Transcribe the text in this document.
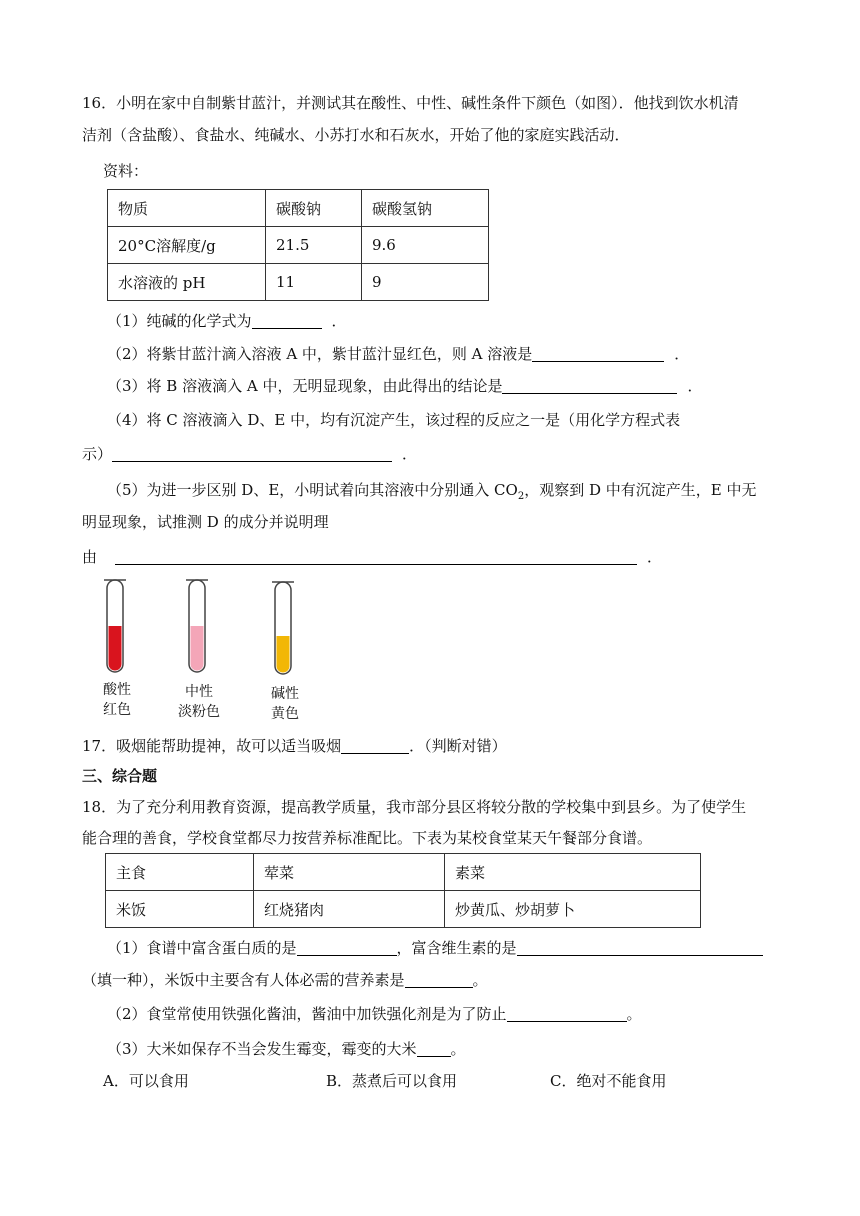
16．小明在家中自制紫甘蓝汁，并测试其在酸性、中性、碱性条件下颜色（如图）．他找到饮水机清
洁剂（含盐酸）、食盐水、纯碱水、小苏打水和石灰水，开始了他的家庭实践活动．
资料：
物质	碳酸钠	碳酸氢钠
20°C溶解度/g	21.5	9.6
水溶液的 pH	11	9
（1）纯碱的化学式为	．
（2）将紫甘蓝汁滴入溶液 A 中，紫甘蓝汁显红色，则 A 溶液是	．
（3）将 B 溶液滴入 A 中，无明显现象，由此得出的结论是	．
（4）将 C 溶液滴入 D、E 中，均有沉淀产生，该过程的反应之一是（用化学方程式表
示）	．
（5）为进一步区别 D、E，小明试着向其溶液中分别通入 $CO_2$，观察到 D 中有沉淀产生，E 中无
明显现象，试推测 D 的成分并说明理
由	．
酸性
红色
中性
淡粉色
碱性
黄色
17．吸烟能帮助提神，故可以适当吸烟	．（判断对错）
三、综合题
18．为了充分利用教育资源，提高教学质量，我市部分县区将较分散的学校集中到县乡。为了使学生
能合理的善食，学校食堂都尽力按营养标准配比。下表为某校食堂某天午餐部分食谱。
主食	荤菜	素菜
米饭	红烧猪肉	炒黄瓜、炒胡萝卜
（1）食谱中富含蛋白质的是	，富含维生素的是
（填一种），米饭中主要含有人体必需的营养素是	。
（2）食堂常使用铁强化酱油，酱油中加铁强化剂是为了防止	。
（3）大米如保存不当会发生霉变，霉变的大米 。
A．可以食用	B．蒸煮后可以食用	C．绝对不能食用
